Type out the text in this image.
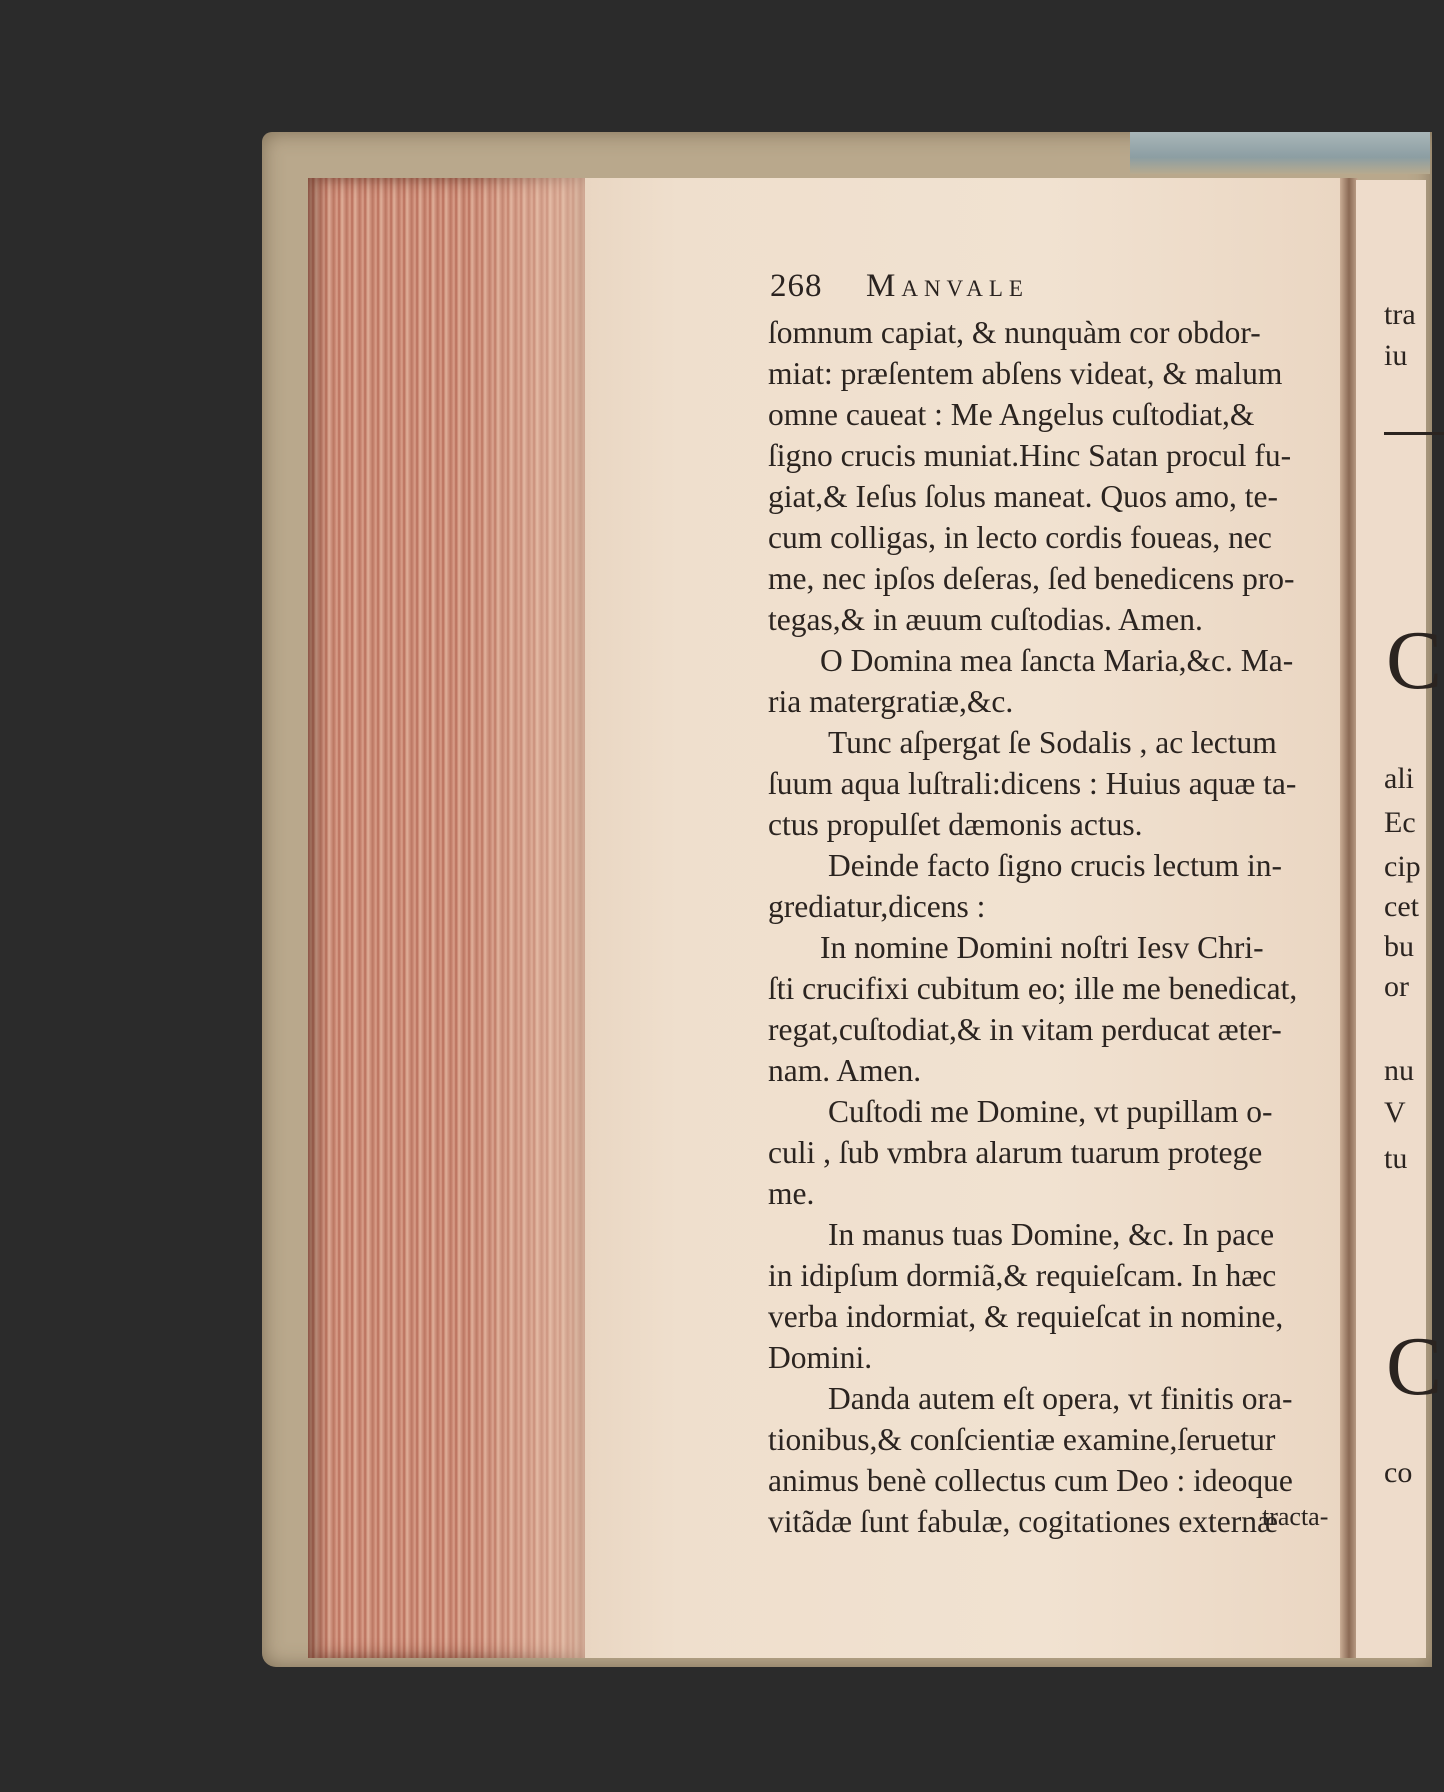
268 Manvale
ſomnum capiat, & nunquàm cor obdor-
miat: præſentem abſens videat, & malum
omne caueat : Me Angelus cuſtodiat,&
ſigno crucis muniat.Hinc Satan procul fu-
giat,& Ieſus ſolus maneat. Quos amo, te-
cum colligas, in lecto cordis foueas, nec
me, nec ipſos deſeras, ſed benedicens pro-
tegas,& in æuum cuſtodias. Amen.
O Domina mea ſancta Maria,&c. Ma-
ria matergratiæ,&c.
Tunc aſpergat ſe Sodalis , ac lectum
ſuum aqua luſtrali:dicens : Huius aquæ ta-
ctus propulſet dæmonis actus.
Deinde facto ſigno crucis lectum in-
grediatur,dicens :
In nomine Domini noſtri Iesv Chri-
ſti crucifixi cubitum eo; ille me benedicat,
regat,cuſtodiat,& in vitam perducat æter-
nam. Amen.
Cuſtodi me Domine, vt pupillam o-
culi , ſub vmbra alarum tuarum protege
me.
In manus tuas Domine, &c. In pace
in idipſum dormiã,& requieſcam. In hæc
verba indormiat, & requieſcat in nomine,
Domini.
Danda autem eſt opera, vt finitis ora-
tionibus,& conſcientiæ examine,ſeruetur
animus benè collectus cum Deo : ideoque
vitãdæ ſunt fabulæ, cogitationes externæ
tracta-
tra
iu
ali
Ec
cip
cet
bu
or
nu
V
tu
co
C
C
